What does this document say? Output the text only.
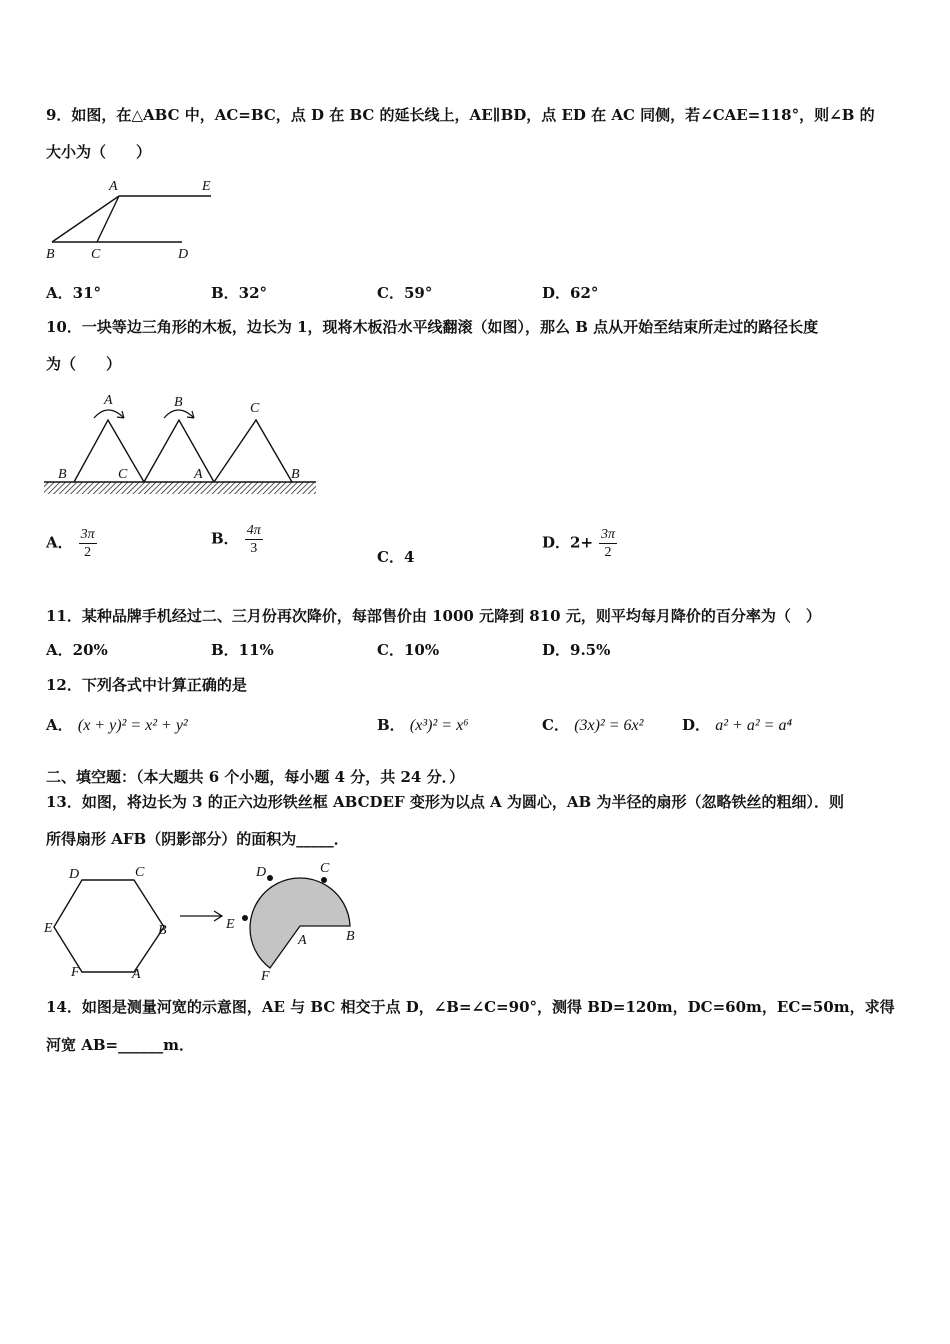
9．如图，在△ABC 中，AC=BC，点 D 在 BC 的延长线上，AE∥BD，点 ED 在 AC 同侧，若∠CAE=118°，则∠B 的
大小为（　　）
A	E
B	C	D
A．31°	B．32°	C．59°	D．62°
10．一块等边三角形的木板，边长为 1，现将木板沿水平线翻滚（如图），那么 B 点从开始至结束所走过的路径长度
为（　　）
A	B	C
B	C	A	B
A． $\frac{3\pi}{2}$	B． $\frac{4\pi}{3}$	C．4
D．$2+ \frac{3\pi}{2}$
11．某种品牌手机经过二、三月份再次降价，每部售价由 1000 元降到 810 元，则平均每月降价的百分率为（　）
A．20%	B．11%	C．10%	D．9.5%
12．下列各式中计算正确的是
A． (x + y)² = x² + y²	B． (x³)² = x⁶	C． (3x)² = 6x²	D． a² + a² = a⁴
二、填空题：（本大题共 6 个小题，每小题 4 分，共 24 分．）
13．如图，将边长为 3 的正六边形铁丝框 ABCDEF 变形为以点 A 为圆心，AB 为半径的扇形（忽略铁丝的粗细）．则
所得扇形 AFB（阴影部分）的面积为_____．
D	C
E	B
F	A
D	C
E
A	B
F
14．如图是测量河宽的示意图，AE 与 BC 相交于点 D，∠B=∠C=90°，测得 BD=120m，DC=60m，EC=50m，求得
河宽 AB=______m．
